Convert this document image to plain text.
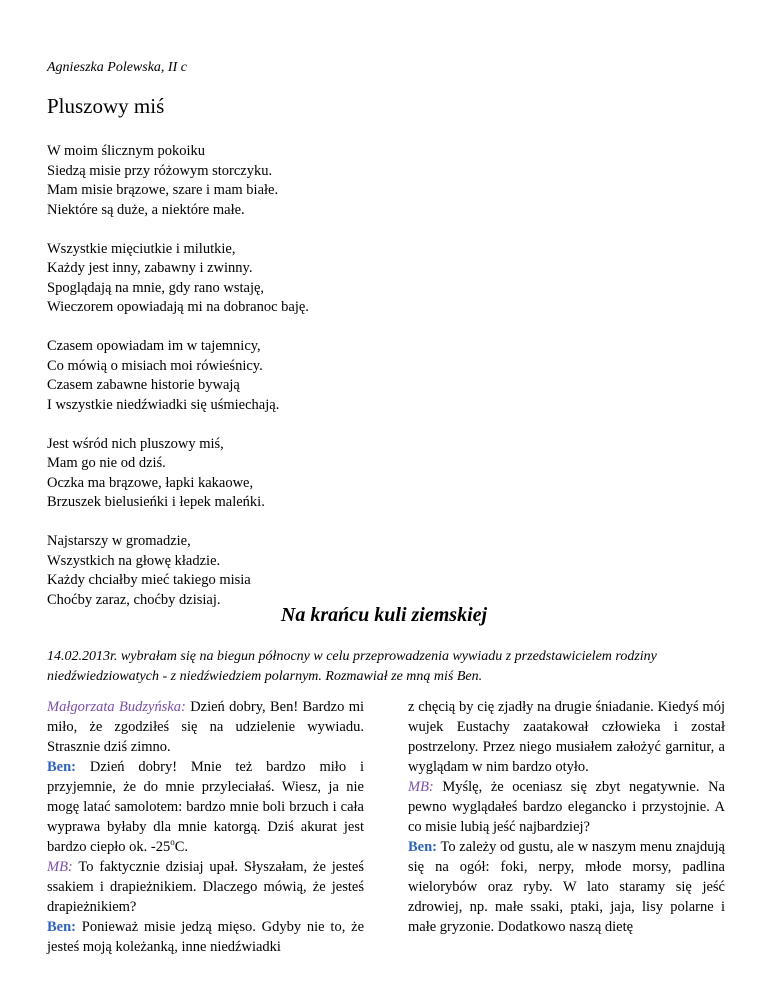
Agnieszka Polewska, II c
Pluszowy miś
W moim ślicznym pokoiku
Siedzą misie przy różowym storczyku.
Mam misie brązowe, szare i mam białe.
Niektóre są duże, a niektóre małe.
Wszystkie mięciutkie i milutkie,
Każdy jest inny, zabawny i zwinny.
Spoglądają na mnie, gdy rano wstaję,
Wieczorem opowiadają mi na dobranoc baję.
Czasem opowiadam im w tajemnicy,
Co mówią o misiach moi rówieśnicy.
Czasem zabawne historie bywają
I wszystkie niedźwiadki się uśmiechają.
Jest wśród nich pluszowy miś,
Mam go nie od dziś.
Oczka ma brązowe, łapki kakaowe,
Brzuszek bielusieńki i łepek maleńki.
Najstarszy w gromadzie,
Wszystkich na głowę kładzie.
Każdy chciałby mieć takiego misia
Choćby zaraz, choćby dzisiaj.
Na krańcu kuli ziemskiej
14.02.2013r. wybrałam się na biegun północny w celu przeprowadzenia wywiadu z przedstawicielem rodziny niedźwiedziowatych - z niedźwiedziem polarnym. Rozmawiał ze mną miś Ben.
Małgorzata Budzyńska: Dzień dobry, Ben! Bardzo mi miło, że zgodziłeś się na udzielenie wywiadu. Strasznie dziś zimno.
Ben: Dzień dobry! Mnie też bardzo miło i przyjemnie, że do mnie przyleciałaś. Wiesz, ja nie mogę latać samolotem: bardzo mnie boli brzuch i cała wyprawa byłaby dla mnie katorgą. Dziś akurat jest bardzo ciepło ok. -25$^o$C.
MB: To faktycznie dzisiaj upał. Słyszałam, że jesteś ssakiem i drapieżnikiem. Dlaczego mówią, że jesteś drapieżnikiem?
Ben: Ponieważ misie jedzą mięso. Gdyby nie to, że jesteś moją koleżanką, inne niedźwiadki
z chęcią by cię zjadły na drugie śniadanie. Kiedyś mój wujek Eustachy zaatakował człowieka i został postrzelony. Przez niego musiałem założyć garnitur, a wyglądam w nim bardzo otyło.
MB: Myślę, że oceniasz się zbyt negatywnie. Na pewno wyglądałeś bardzo elegancko i przystojnie. A co misie lubią jeść najbardziej?
Ben: To zależy od gustu, ale w naszym menu znajdują się na ogół: foki, nerpy, młode morsy, padlina wielorybów oraz ryby. W lato staramy się jeść zdrowiej, np. małe ssaki, ptaki, jaja, lisy polarne i małe gryzonie. Dodatkowo naszą dietę
